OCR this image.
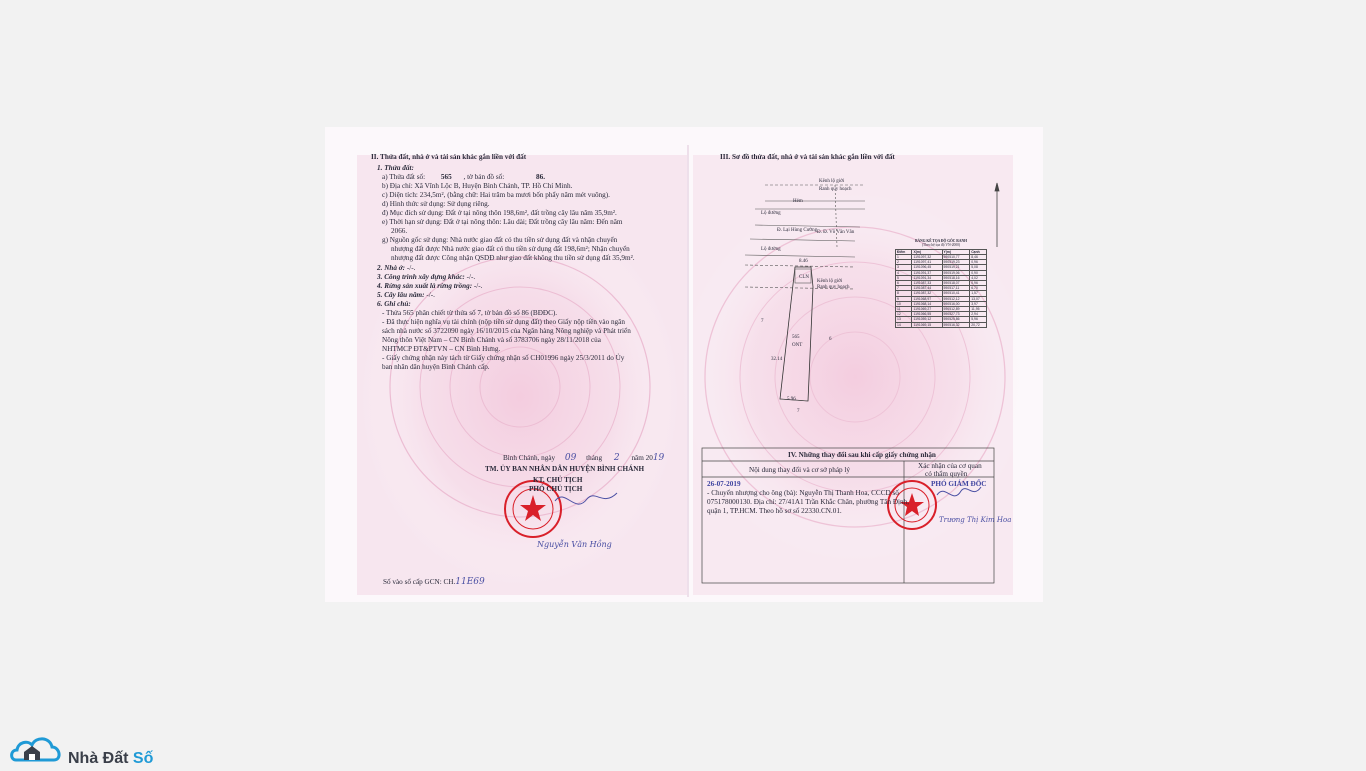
II. Thửa đất, nhà ở và tài sản khác gắn liền với đất
1. Thửa đất:
a) Thửa đất số: 565 , tờ bản đồ số:	86.
b) Địa chỉ: Xã Vĩnh Lộc B, Huyện Bình Chánh, TP. Hồ Chí Minh.
c) Diện tích: 234,5m², (bằng chữ: Hai trăm ba mươi bốn phẩy năm mét vuông).
d) Hình thức sử dụng: Sử dụng riêng.
đ) Mục đích sử dụng: Đất ở tại nông thôn 198,6m², đất trồng cây lâu năm 35,9m².
e) Thời hạn sử dụng: Đất ở tại nông thôn: Lâu dài; Đất trồng cây lâu năm: Đến năm
2066.
g) Nguồn gốc sử dụng: Nhà nước giao đất có thu tiền sử dụng đất và nhận chuyển
nhượng đất được Nhà nước giao đất có thu tiền sử dụng đất 198,6m²; Nhận chuyển
nhượng đất được Công nhận QSDĐ như giao đất không thu tiền sử dụng đất 35,9m².
2. Nhà ở: -/-.
3. Công trình xây dựng khác: -/-.
4. Rừng sản xuất là rừng trồng: -/-.
5. Cây lâu năm: -/-.
6. Ghi chú:
- Thửa 565 phân chiết từ thửa số 7, tờ bản đồ số 86 (BĐĐC).
- Đã thực hiện nghĩa vụ tài chính (nộp tiền sử dụng đất) theo Giấy nộp tiền vào ngân
sách nhà nước số 3722090 ngày 16/10/2015 của Ngân hàng Nông nghiệp và Phát triển
Nông thôn Việt Nam – CN Bình Chánh và số 3783706 ngày 28/11/2018 của
NHTMCP ĐT&PTVN – CN Bình Hưng.
- Giấy chứng nhận này tách từ Giấy chứng nhận số CH01996 ngày 25/3/2011 do Ủy
ban nhân dân huyện Bình Chánh cấp.
Bình Chánh, ngày 09 tháng 2 năm 2019
TM. ỦY BAN NHÂN DÂN HUYỆN BÌNH CHÁNH
KT. CHỦ TỊCH
PHÓ CHỦ TỊCH
Nguyễn Văn Hồng
Số vào sổ cấp GCN: CH.11E69
III. Sơ đồ thửa đất, nhà ở và tài sản khác gắn liền với đất
Kênh lộ giới
Ranh quy hoạch
Hẻm
Lộ đường
Đ. Lại Hùng Cường Đ. Đ. Võ Văn Vân
Lộ đường
Kênh lộ giới
Ranh quy hoạch
CLN
565
ONT
7
6
7
8.46
5.96
32.14
BẢNG KÊ TỌA ĐỘ GÓC RANH
(Theo hệ tọa độ VN-2000)
Điểm	X(m)	Y(m)	Cạnh
1	1191097,32	590510,77	8,46
2	1191097,41	590519,23	0,96
3	1191096,45	590519,21	5,08
4	1191091,37	590519,06	0,90
5	1191091,34	590518,16	4,02
6	1191087,33	590518,07	0,96
7	1191087,44	590517,11	6,70
8	1191087,32	590510,41	1,57
9	1191068,97	590512,12	13,07
10	1191068,14	590516,00	3,97
11	1191069,27	590512,89	11,95
12	1191066,55	590527,73	2,94
13	1191059,12	590525,86	5,96
14	1191069,15	590516,32	20,72
IV. Những thay đổi sau khi cấp giấy chứng nhận
Nội dung thay đổi và cơ sở pháp lý	Xác nhận của cơ quan
có thẩm quyền
26-07-2019
- Chuyển nhượng cho ông (bà): Nguyễn Thị Thanh Hoa, CCCD số
075178000130. Địa chỉ: 27/41A1 Trần Khắc Chân, phường Tân Định,
quận 1, TP.HCM. Theo hồ sơ số 22330.CN.01.
PHÓ GIÁM ĐỐC
Trương Thị Kim Hoa
Nhà Đất Số
